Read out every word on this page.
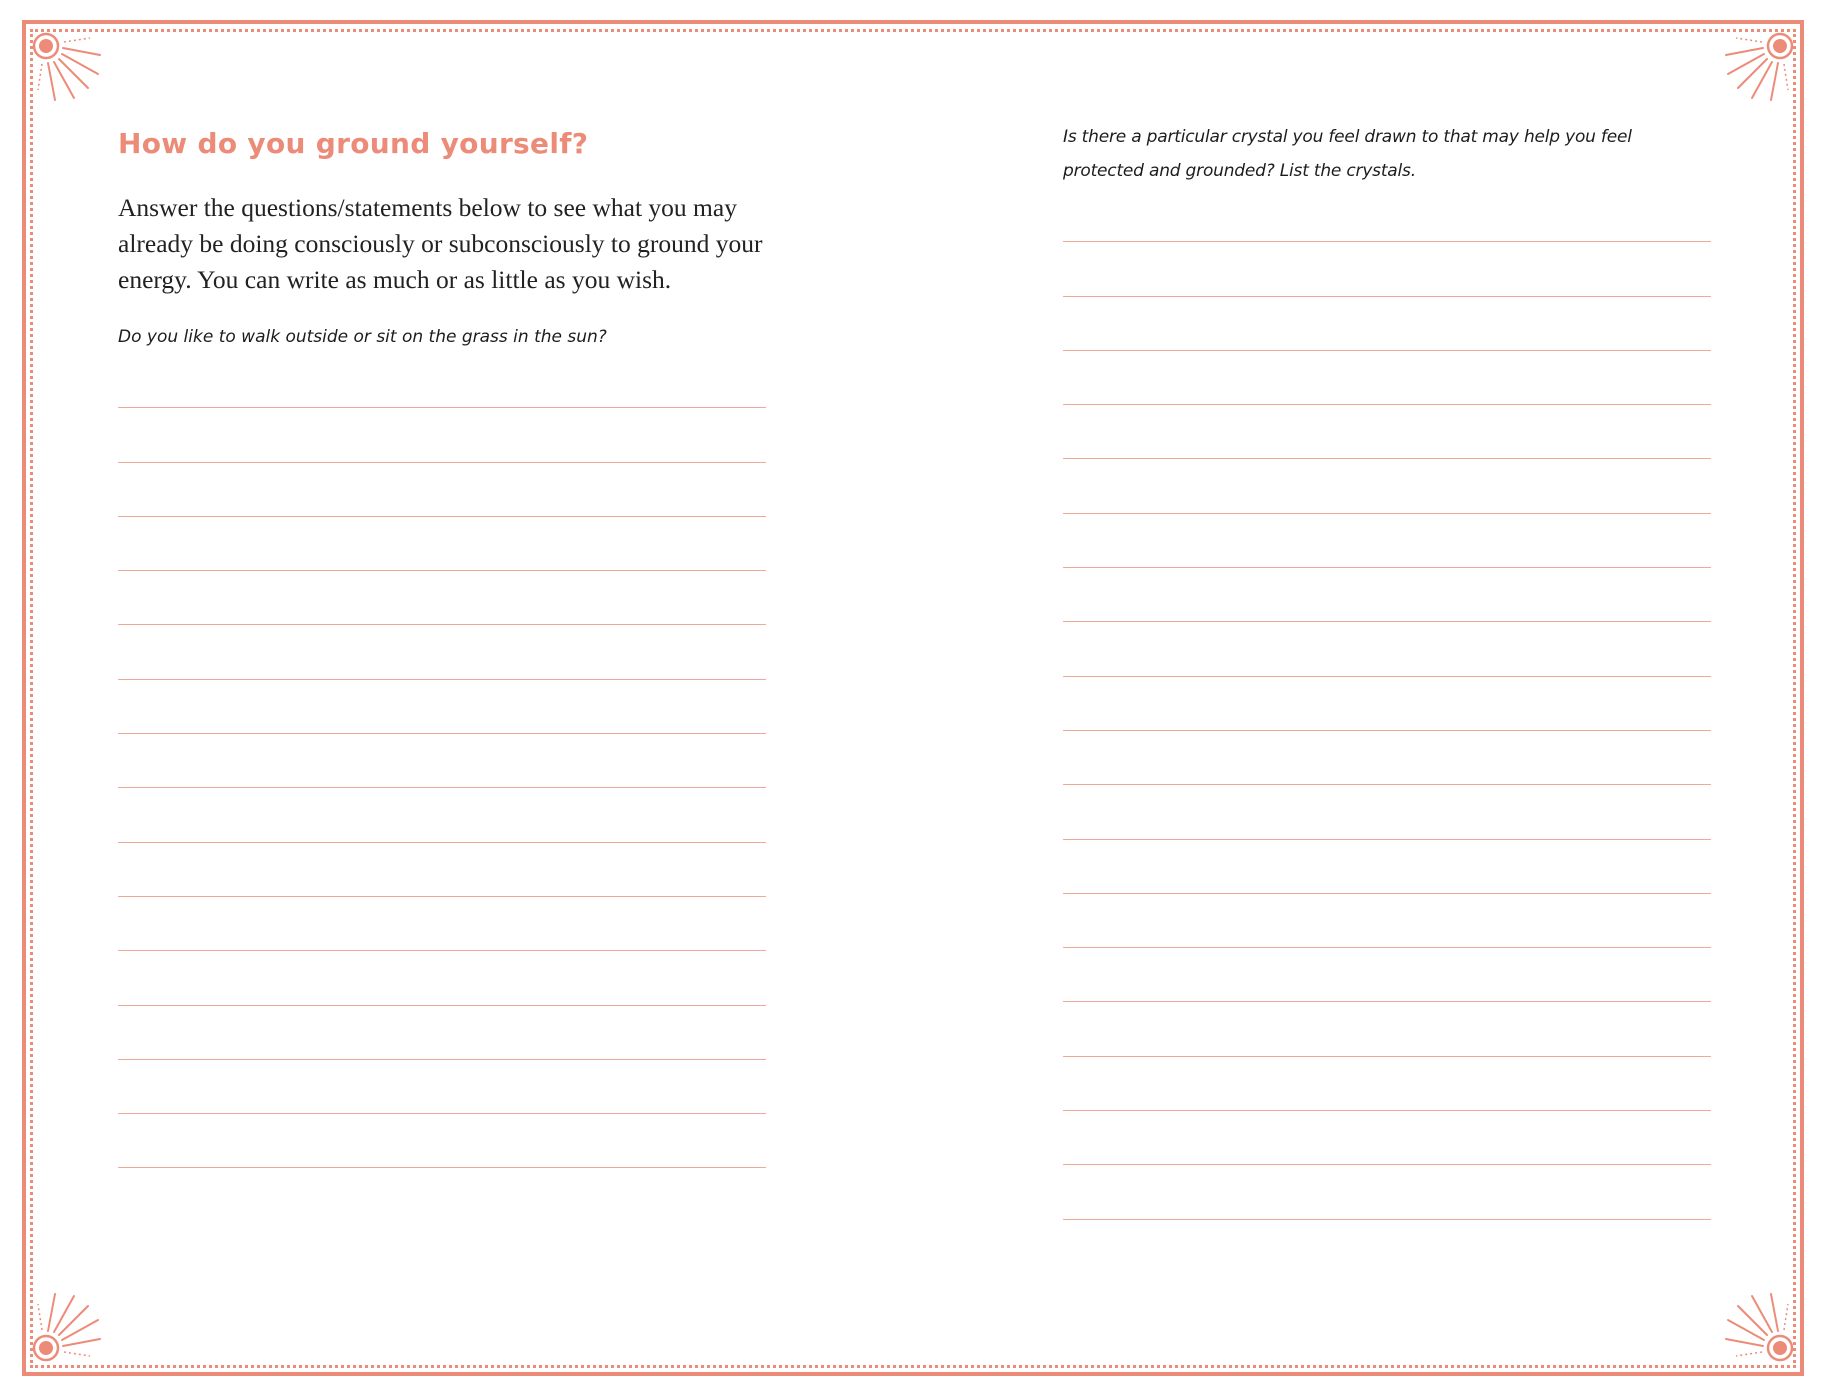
How do you ground yourself?

Answer the questions/statements below to see what you may already be doing consciously or subconsciously to ground your energy. You can write as much or as little as you wish.

Do you like to walk outside or sit on the grass in the sun?

Is there a particular crystal you feel drawn to that may help you feel protected and grounded? List the crystals.
